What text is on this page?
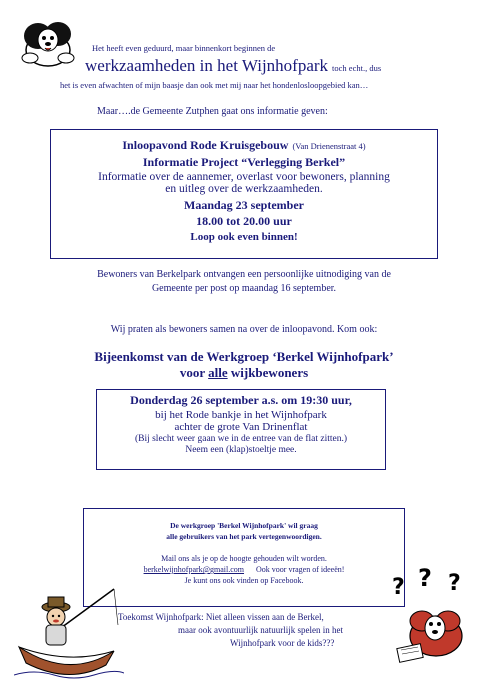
Het heeft even geduurd, maar binnenkort beginnen de
werkzaamheden in het Wijnhofpark toch echt., dus
het is even afwachten of mijn baasje dan ook met mij naar het hondenlosloopgebied kan…
Maar….de Gemeente Zutphen gaat ons informatie geven:
Inloopavond Rode Kruisgebouw (Van Drienenstraat 4)
Informatie Project “Verlegging Berkel”
Informatie over de aannemer, overlast voor bewoners, planning
en uitleg over de werkzaamheden.
Maandag 23 september
18.00 tot 20.00 uur
Loop ook even binnen!
Bewoners van Berkelpark ontvangen een persoonlijke uitnodiging van de
Gemeente per post op maandag 16 september.
Wij praten als bewoners samen na over de inloopavond. Kom ook:
Bijeenkomst van de Werkgroep ‘Berkel Wijnhofpark’
voor alle wijkbewoners
Donderdag 26 september a.s. om 19:30 uur,
bij het Rode bankje in het Wijnhofpark
achter de grote Van Drinenflat
(Bij slecht weer gaan we in de entree van de flat zitten.)
Neem een (klap)stoeltje mee.
De werkgroep 'Berkel Wijnhofpark' wil graag
alle gebruikers van het park vertegenwoordigen.
Mail ons als je op de hoogte gehouden wilt worden.
berkelwijnhofpark@gmail.com Ook voor vragen of ideeën!
Je kunt ons ook vinden op Facebook.	? ? ?
Toekomst Wijnhofpark: Niet alleen vissen aan de Berkel,
maar ook avontuurlijk natuurlijk spelen in het
Wijnhofpark voor de kids???
